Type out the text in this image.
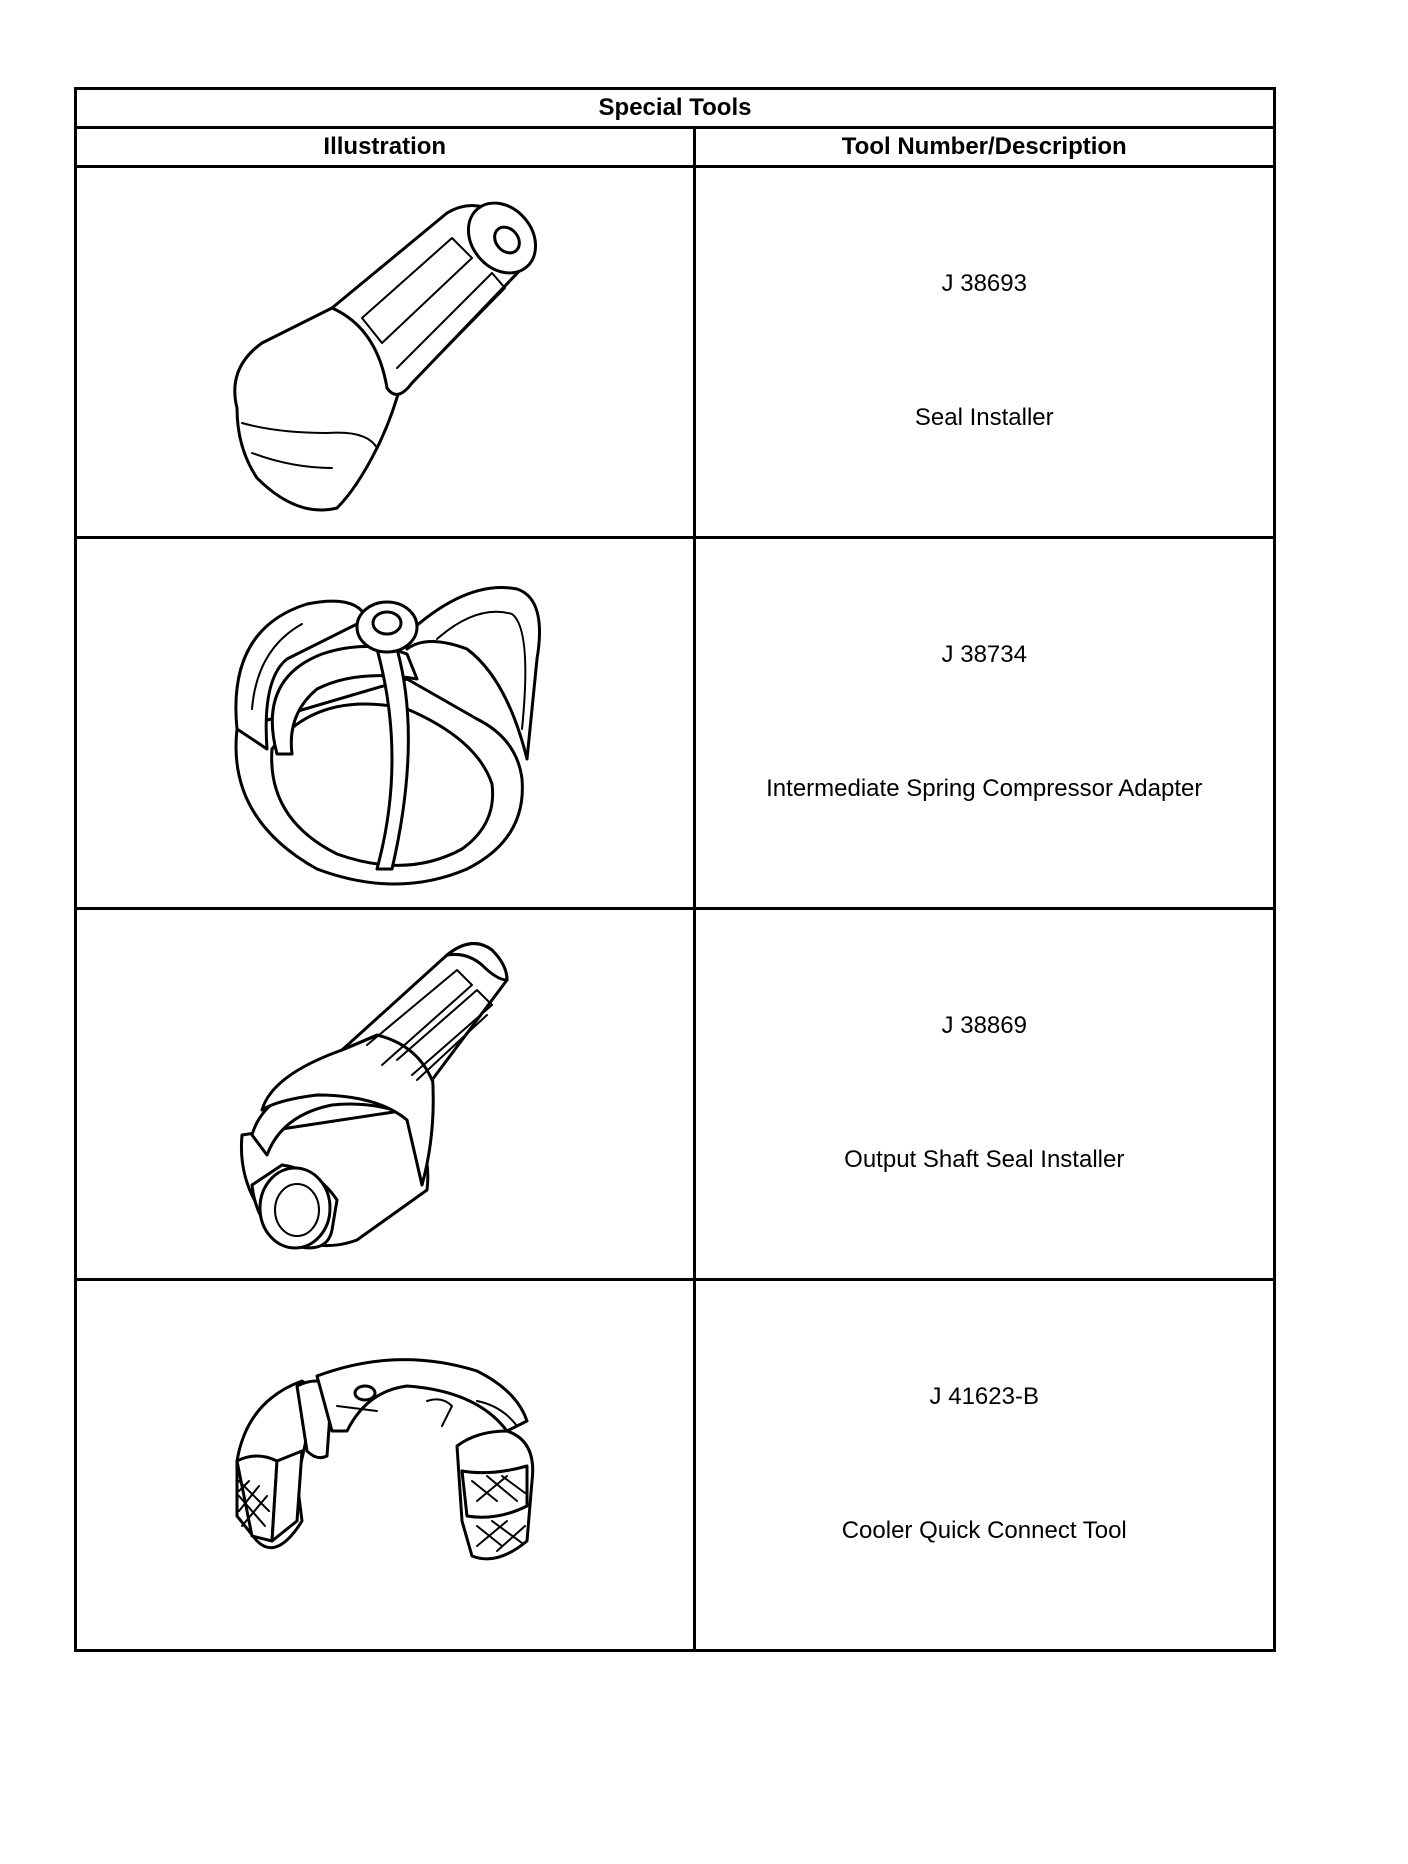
Special Tools	
Illustration	Tool Number/Description

J 38693
Seal Installer

J 38734
Intermediate Spring Compressor Adapter

J 38869
Output Shaft Seal Installer

J 41623-B
Cooler Quick Connect Tool
